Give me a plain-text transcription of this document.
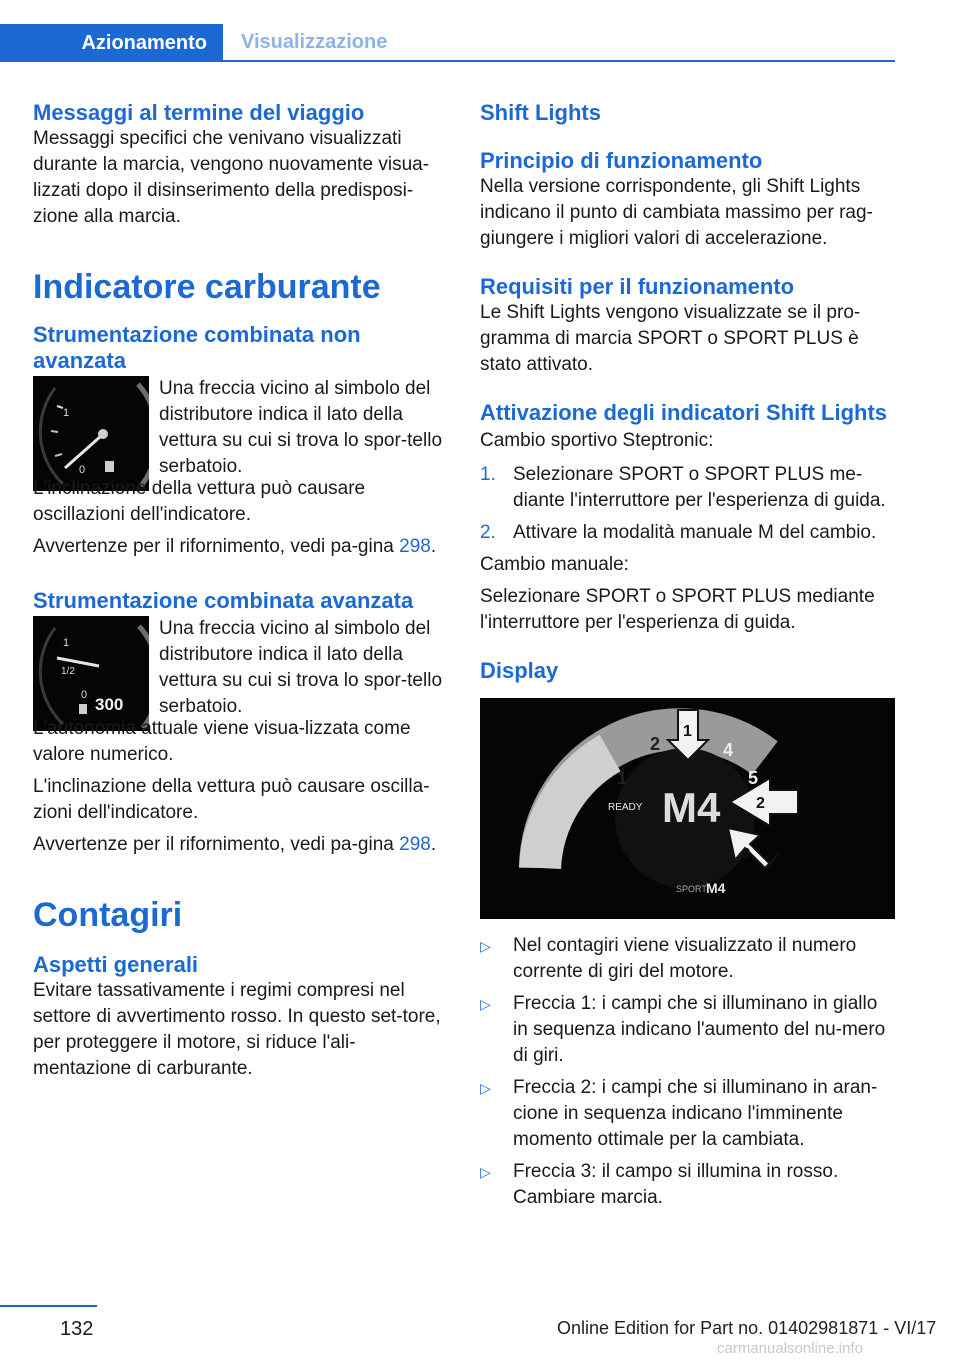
Azionamento	Visualizzazione
Messaggi al termine del viaggio

Messaggi specifici che venivano visualizzati durante la marcia, vengono nuovamente visua-lizzati dopo il disinserimento della predisposi-zione alla marcia.

Indicatore carburante
Strumentazione combinata non avanzata
1
0

Una freccia vicino al simbolo del distributore indica il lato della vettura su cui si trova lo spor-tello serbatoio.

L'inclinazione della vettura può causare oscillazioni dell'indicatore.

Avvertenze per il rifornimento, vedi pa-gina 298.

Strumentazione combinata avanzata
1
1/2
0 300

Una freccia vicino al simbolo del distributore indica il lato della vettura su cui si trova lo spor-tello serbatoio.

L'autonomia attuale viene visua-lizzata come valore numerico.

L'inclinazione della vettura può causare oscilla-zioni dell'indicatore.

Avvertenze per il rifornimento, vedi pa-gina 298.

Contagiri
Aspetti generali

Evitare tassativamente i regimi compresi nel settore di avvertimento rosso. In questo set-tore, per proteggere il motore, si riduce l'ali-mentazione di carburante.

Shift Lights
Principio di funzionamento

Nella versione corrispondente, gli Shift Lights indicano il punto di cambiata massimo per rag-giungere i migliori valori di accelerazione.

Requisiti per il funzionamento

Le Shift Lights vengono visualizzate se il pro-gramma di marcia SPORT o SPORT PLUS è stato attivato.

Attivazione degli indicatori Shift Lights

Cambio sportivo Steptronic:

1. Selezionare SPORT o SPORT PLUS me-diante l'interruttore per l'esperienza di guida.
2. Attivare la modalità manuale M del cambio.

Cambio manuale:

Selezionare SPORT o SPORT PLUS mediante l'interruttore per l'esperienza di guida.

Display
M4
READY
1
2	4
5
1
2
3
SPORT M4
▷	Nel contagiri viene visualizzato il numero corrente di giri del motore.
▷	Freccia 1: i campi che si illuminano in giallo in sequenza indicano l'aumento del nu-mero di giri.
▷	Freccia 2: i campi che si illuminano in aran-cione in sequenza indicano l'imminente momento ottimale per la cambiata.
▷	Freccia 3: il campo si illumina in rosso. Cambiare marcia.
132	Online Edition for Part no. 01402981871 - VI/17
carmanualsonline.info
